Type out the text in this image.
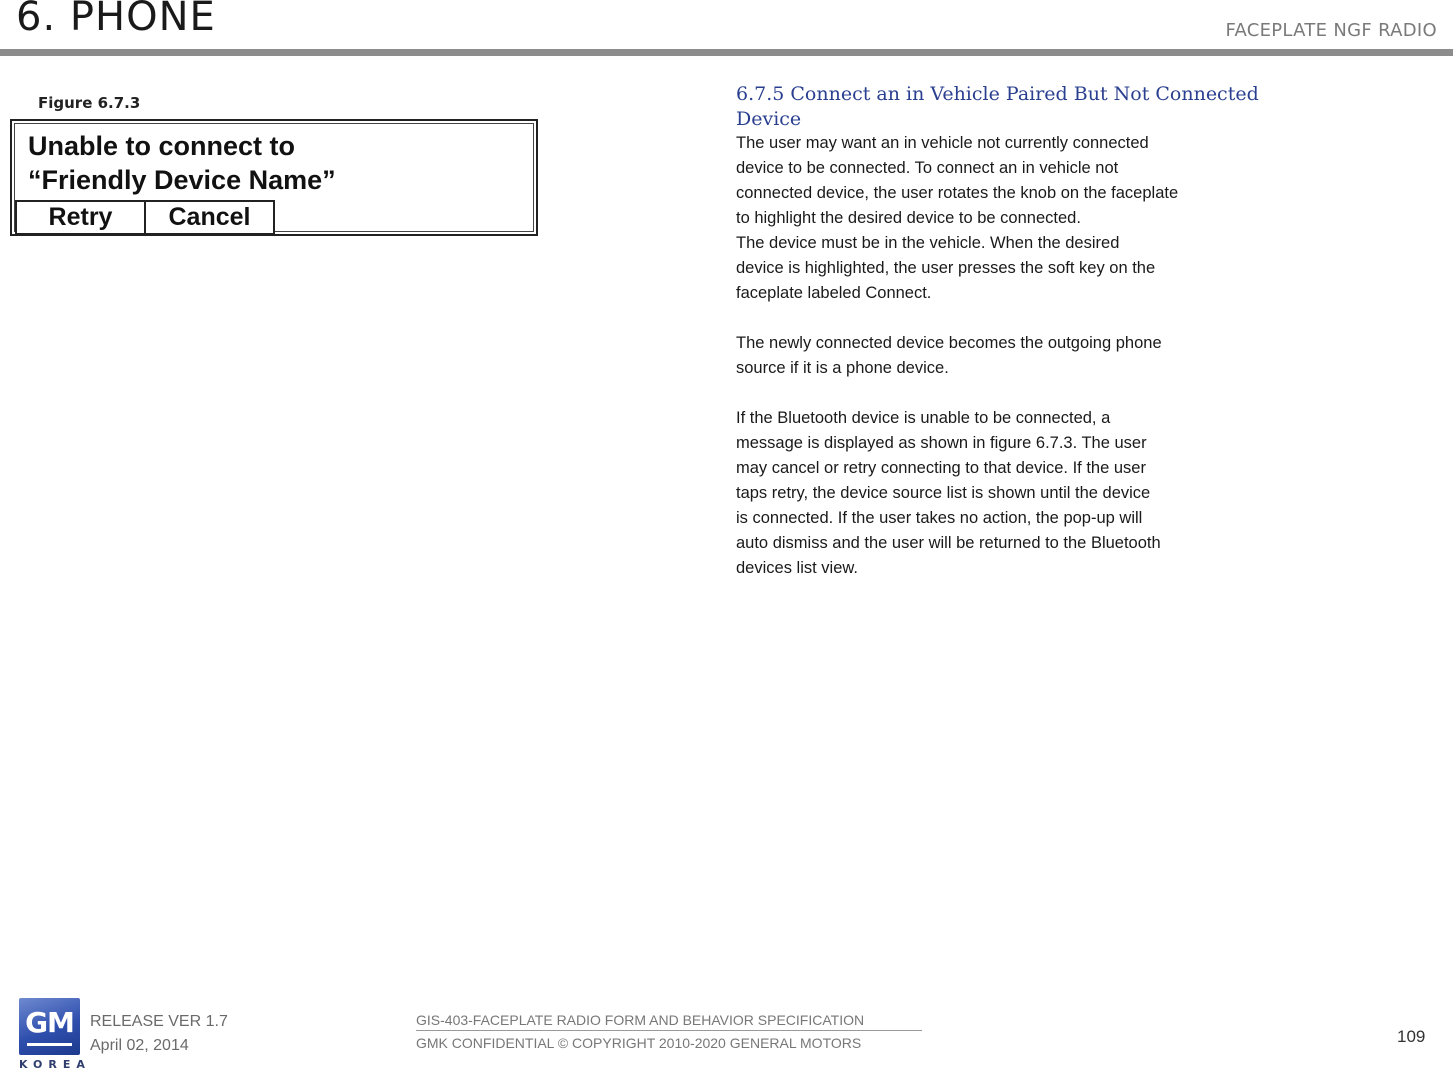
6. PHONE	FACEPLATE NGF RADIO
Figure 6.7.3
Unable to connect to
“Friendly Device Name”
Retry	Cancel
6.7.5 Connect an in Vehicle Paired But Not Connected
Device

The user may want an in vehicle not currently connected
device to be connected. To connect an in vehicle not
connected device, the user rotates the knob on the faceplate
to highlight the desired device to be connected.
The device must be in the vehicle. When the desired
device is highlighted, the user presses the soft key on the
faceplate labeled Connect.

The newly connected device becomes the outgoing phone
source if it is a phone device.

If the Bluetooth device is unable to be connected, a
message is displayed as shown in figure 6.7.3. The user
may cancel or retry connecting to that device. If the user
taps retry, the device source list is shown until the device
is connected. If the user takes no action, the pop-up will
auto dismiss and the user will be returned to the Bluetooth
devices list view.

GM
KOREA
RELEASE VER 1.7
April 02, 2014
GIS-403-FACEPLATE RADIO FORM AND BEHAVIOR SPECIFICATION
GMK CONFIDENTIAL © COPYRIGHT 2010-2020 GENERAL MOTORS	109
